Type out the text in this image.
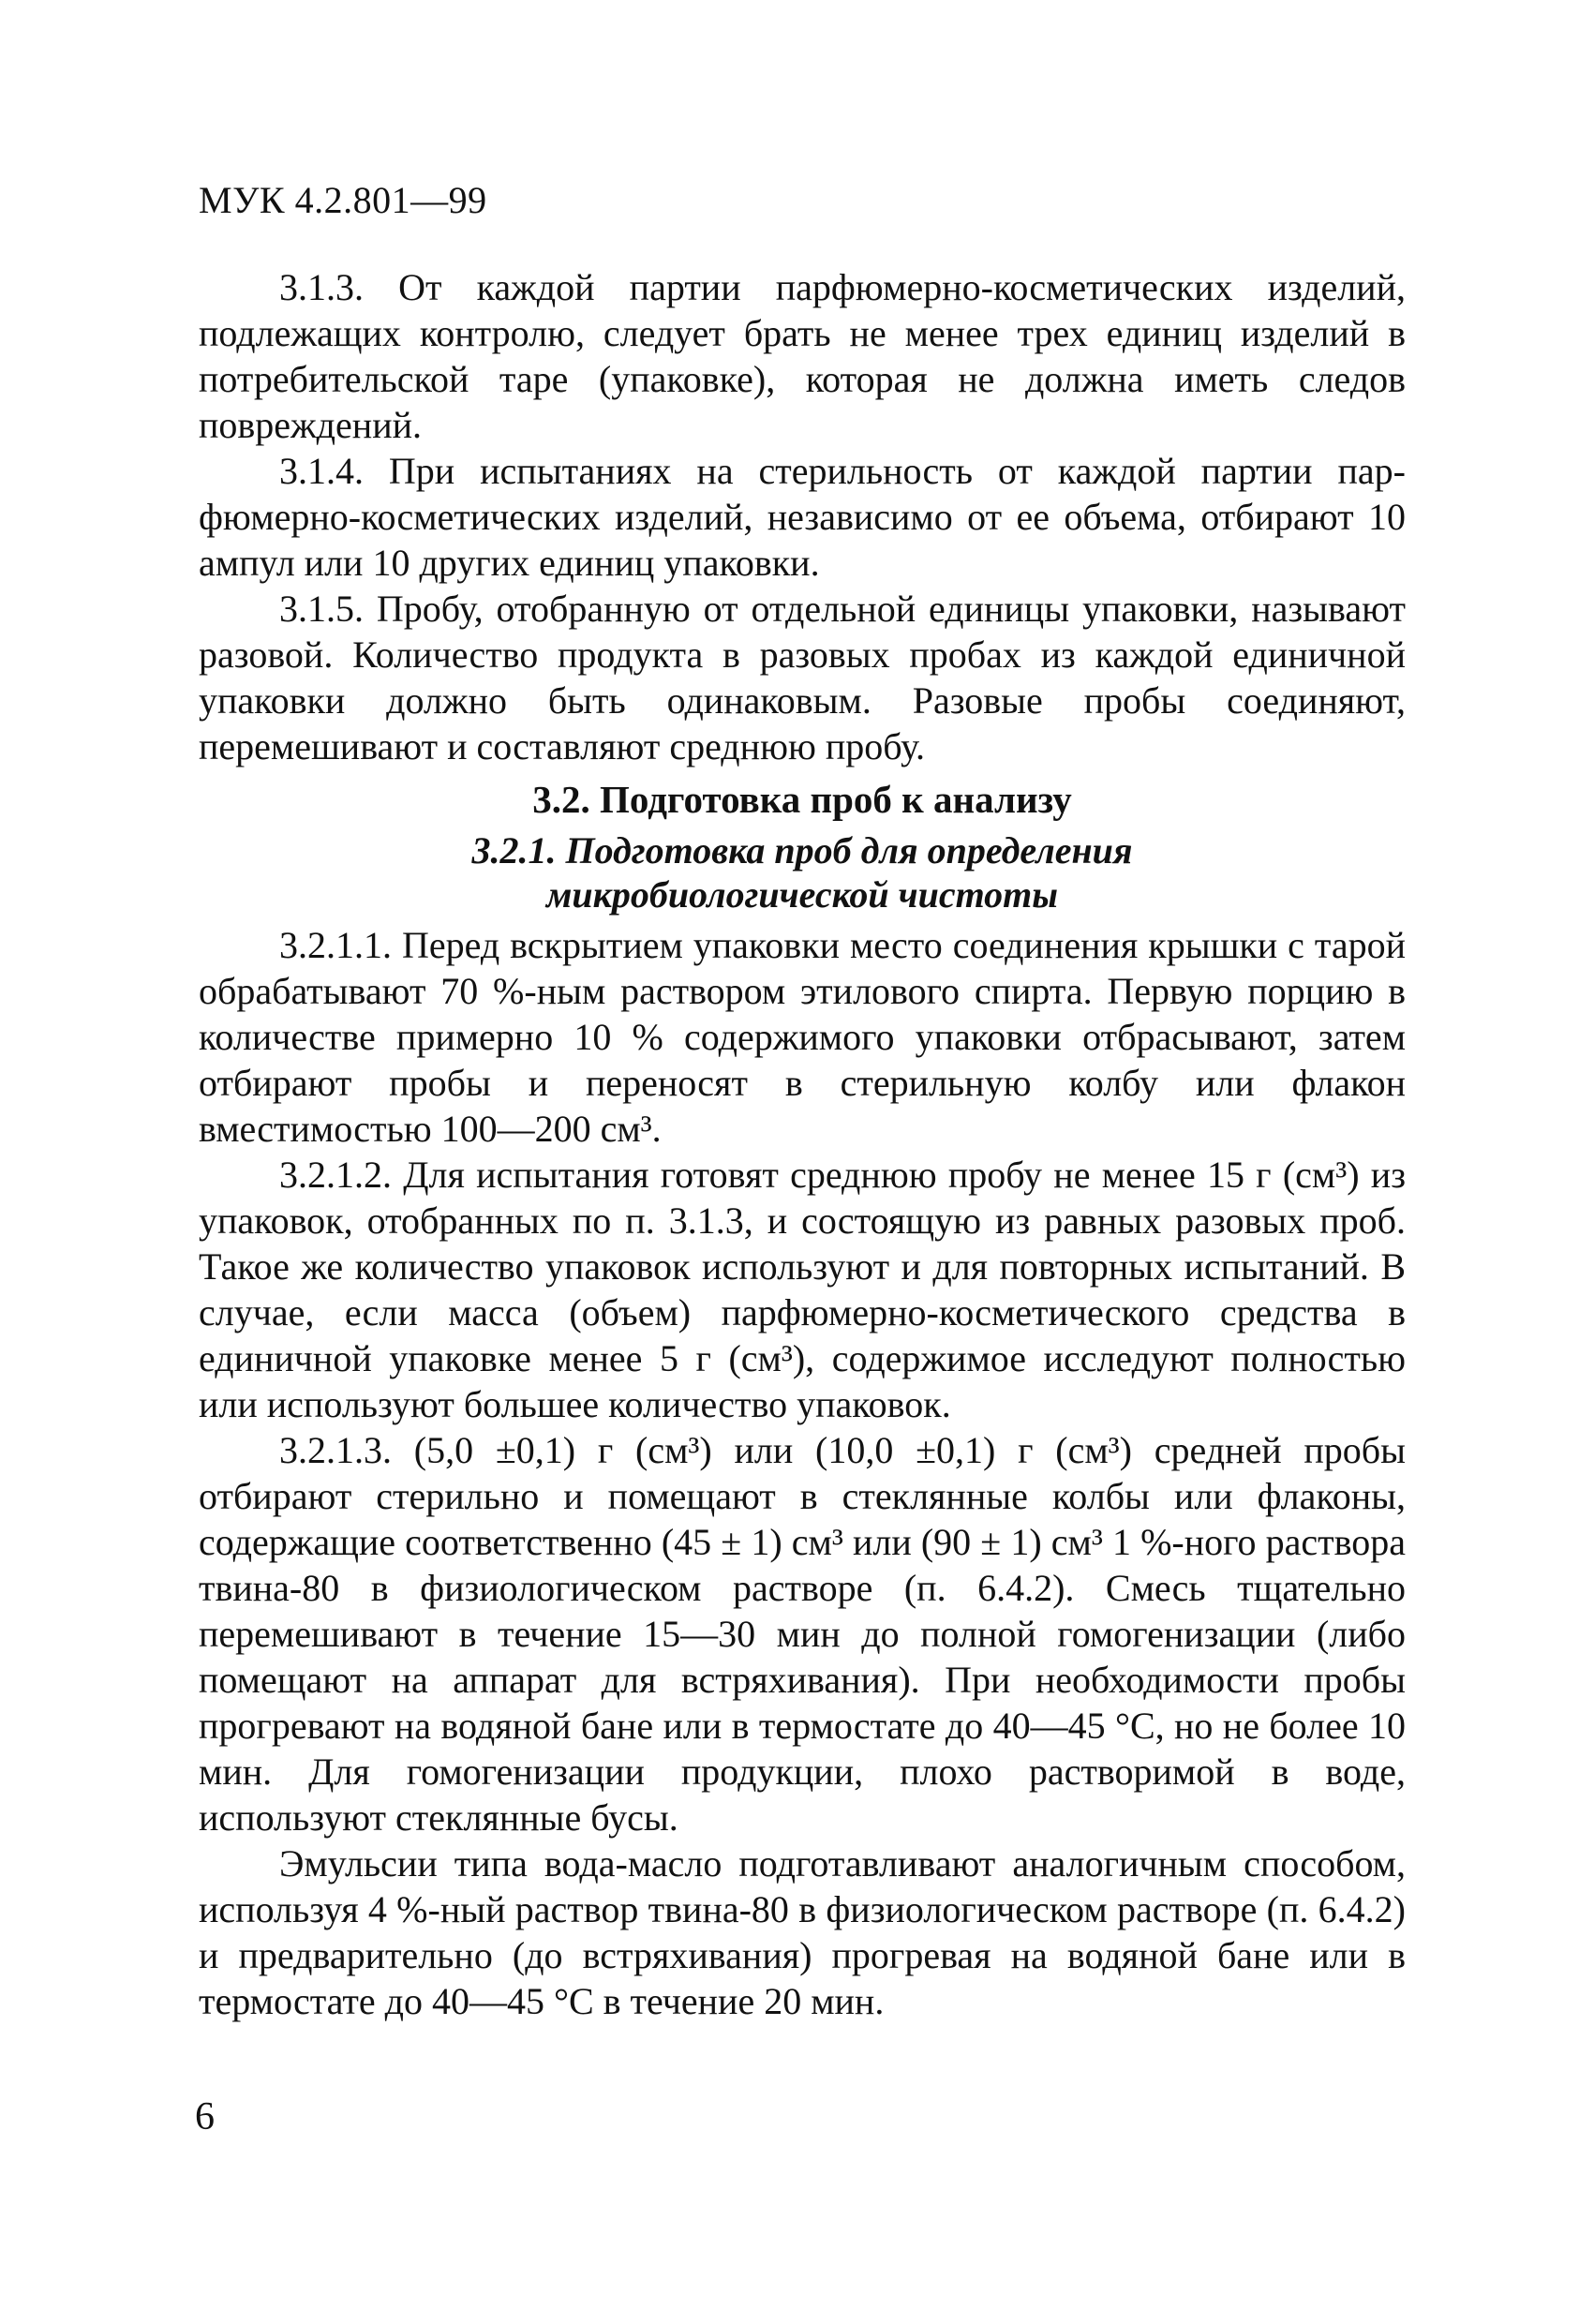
МУК 4.2.801—99

3.1.3. От каждой партии парфюмерно-косметических изделий, подлежащих контролю, следует брать не менее трех единиц изделий в потребительской таре (упаковке), которая не должна иметь следов повреждений.

3.1.4. При испытаниях на стерильность от каждой партии парфюмерно-косметических изделий, независимо от ее объема, отбирают 10 ампул или 10 других единиц упаковки.

3.1.5. Пробу, отобранную от отдельной единицы упаковки, называют разовой. Количество продукта в разовых пробах из каждой единичной упаковки должно быть одинаковым. Разовые пробы соединяют, перемешивают и составляют среднюю пробу.

3.2. Подготовка проб к анализу

3.2.1. Подготовка проб для определения микробиологической чистоты

3.2.1.1. Перед вскрытием упаковки место соединения крышки с тарой обрабатывают 70 %-ным раствором этилового спирта. Первую порцию в количестве примерно 10 % содержимого упаковки отбрасывают, затем отбирают пробы и переносят в стерильную колбу или флакон вместимостью 100—200 см³.

3.2.1.2. Для испытания готовят среднюю пробу не менее 15 г (см³) из упаковок, отобранных по п. 3.1.3, и состоящую из равных разовых проб. Такое же количество упаковок используют и для повторных испытаний. В случае, если масса (объем) парфюмерно-косметического средства в единичной упаковке менее 5 г (см³), содержимое исследуют полностью или используют большее количество упаковок.

3.2.1.3. (5,0 ±0,1) г (см³) или (10,0 ±0,1) г (см³) средней пробы отбирают стерильно и помещают в стеклянные колбы или флаконы, содержащие соответственно (45 ± 1) см³ или (90 ± 1) см³ 1 %-ного раствора твина-80 в физиологическом растворе (п. 6.4.2). Смесь тщательно перемешивают в течение 15—30 мин до полной гомогенизации (либо помещают на аппарат для встряхивания). При необходимости пробы прогревают на водяной бане или в термостате до 40—45 °С, но не более 10 мин. Для гомогенизации продукции, плохо растворимой в воде, используют стеклянные бусы.

Эмульсии типа вода-масло подготавливают аналогичным способом, используя 4 %-ный раствор твина-80 в физиологическом растворе (п. 6.4.2) и предварительно (до встряхивания) прогревая на водяной бане или в термостате до 40—45 °С в течение 20 мин.

6
